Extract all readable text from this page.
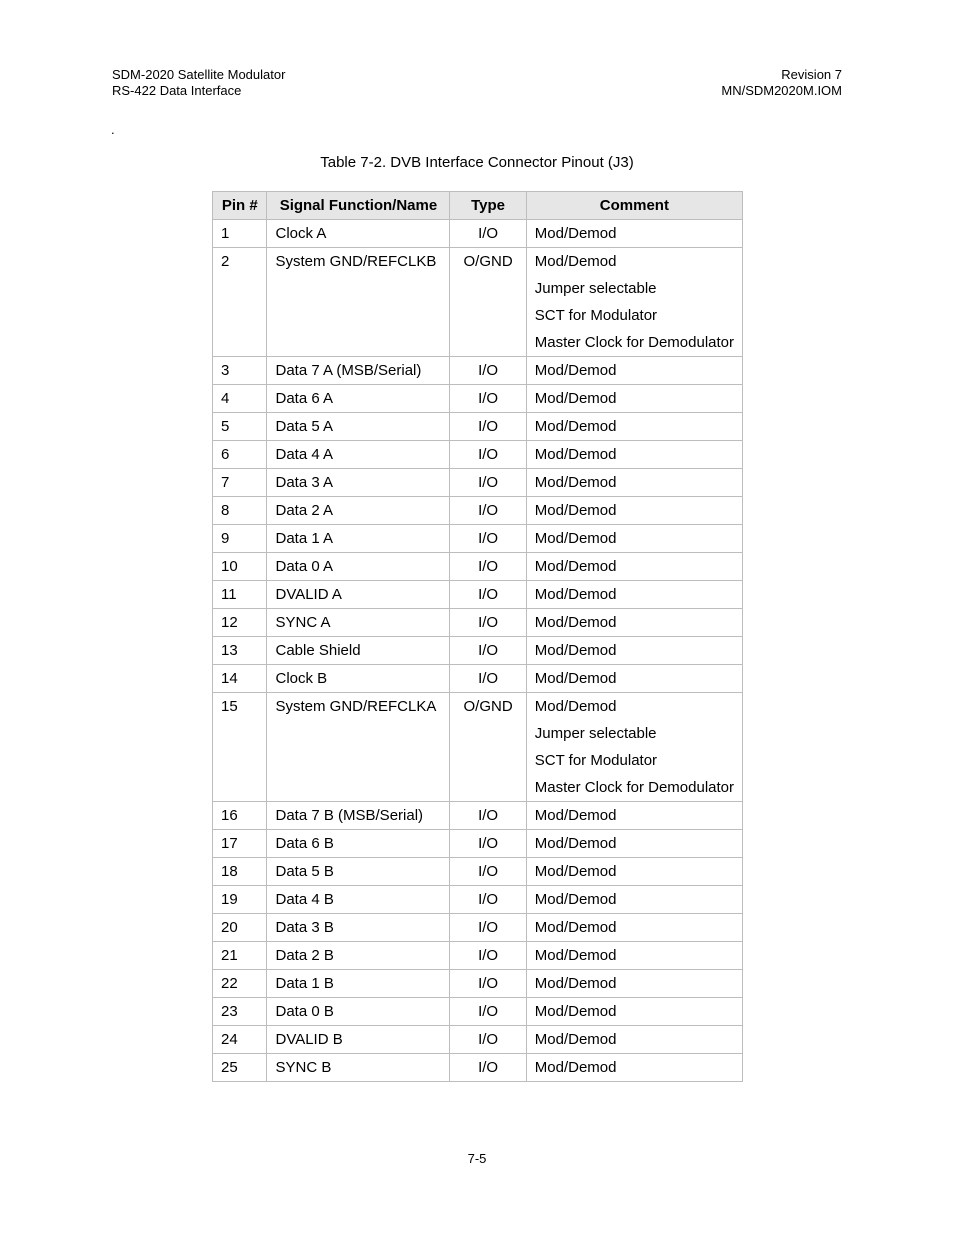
SDM-2020 Satellite Modulator
RS-422 Data Interface
Revision 7
MN/SDM2020M.IOM
.
Table 7-2. DVB Interface Connector Pinout (J3)
Pin #	Signal Function/Name	Type	Comment
1	Clock A	I/O	Mod/Demod

2	System GND/REFCLKB	O/GND	Mod/Demod
Jumper selectable
SCT for Modulator
Master Clock for Demodulator

3	Data 7 A (MSB/Serial)	I/O	Mod/Demod

4	Data 6 A	I/O	Mod/Demod

5	Data 5 A	I/O	Mod/Demod

6	Data 4 A	I/O	Mod/Demod

7	Data 3 A	I/O	Mod/Demod

8	Data 2 A	I/O	Mod/Demod

9	Data 1 A	I/O	Mod/Demod

10	Data 0 A	I/O	Mod/Demod

11	DVALID A	I/O	Mod/Demod

12	SYNC A	I/O	Mod/Demod

13	Cable Shield	I/O	Mod/Demod

14	Clock B	I/O	Mod/Demod

15	System GND/REFCLKA	O/GND	Mod/Demod
Jumper selectable
SCT for Modulator
Master Clock for Demodulator

16	Data 7 B (MSB/Serial)	I/O	Mod/Demod

17	Data 6 B	I/O	Mod/Demod

18	Data 5 B	I/O	Mod/Demod

19	Data 4 B	I/O	Mod/Demod

20	Data 3 B	I/O	Mod/Demod

21	Data 2 B	I/O	Mod/Demod

22	Data 1 B	I/O	Mod/Demod

23	Data 0 B	I/O	Mod/Demod

24	DVALID B	I/O	Mod/Demod

25	SYNC B	I/O	Mod/Demod
7-5
